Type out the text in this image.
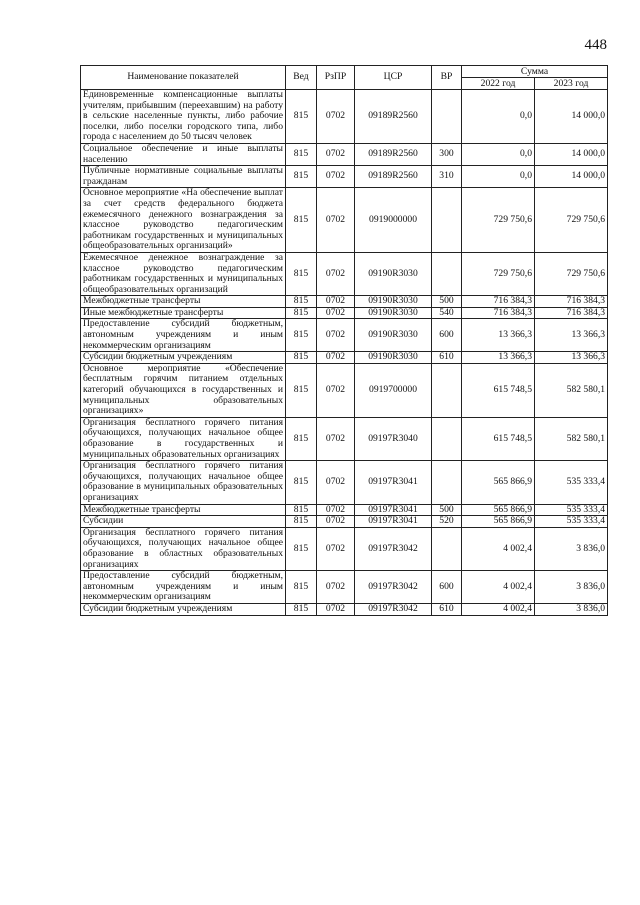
448
Наименование показателей	Вед	РзПР	ЦСР	ВР	Сумма	
					2022 год	2023 год
Единовременные компенсационные выплаты учителям, прибывшим (переехавшим) на работу в сельские населенные пункты, либо рабочие поселки, либо поселки городского типа, либо города с населением до 50 тысяч человек	815	0702	09189R2560		0,0	14 000,0
Социальное обеспечение и иные выплаты населению	815	0702	09189R2560	300	0,0	14 000,0
Публичные нормативные социальные выплаты гражданам	815	0702	09189R2560	310	0,0	14 000,0
Основное мероприятие «На обеспечение выплат за счет средств федерального бюджета ежемесячного денежного вознаграждения за классное руководство педагогическим работникам государственных и муниципальных общеобразовательных организаций»	815	0702	0919000000		729 750,6	729 750,6
Ежемесячное денежное вознаграждение за классное руководство педагогическим работникам государственных и муниципальных общеобразовательных организаций	815	0702	09190R3030		729 750,6	729 750,6
Межбюджетные трансферты	815	0702	09190R3030	500	716 384,3	716 384,3
Иные межбюджетные трансферты	815	0702	09190R3030	540	716 384,3	716 384,3
Предоставление субсидий бюджетным, автономным учреждениям и иным некоммерческим организациям	815	0702	09190R3030	600	13 366,3	13 366,3
Субсидии бюджетным учреждениям	815	0702	09190R3030	610	13 366,3	13 366,3
Основное мероприятие «Обеспечение бесплатным горячим питанием отдельных категорий обучающихся в государственных и муниципальных образовательных организациях»	815	0702	0919700000		615 748,5	582 580,1
Организация бесплатного горячего питания обучающихся, получающих начальное общее образование в государственных и муниципальных образовательных организациях	815	0702	09197R3040		615 748,5	582 580,1
Организация бесплатного горячего питания обучающихся, получающих начальное общее образование в муниципальных образовательных организациях	815	0702	09197R3041		565 866,9	535 333,4
Межбюджетные трансферты	815	0702	09197R3041	500	565 866,9	535 333,4
Субсидии	815	0702	09197R3041	520	565 866,9	535 333,4
Организация бесплатного горячего питания обучающихся, получающих начальное общее образование в областных образовательных организациях	815	0702	09197R3042		4 002,4	3 836,0
Предоставление субсидий бюджетным, автономным учреждениям и иным некоммерческим организациям	815	0702	09197R3042	600	4 002,4	3 836,0
Субсидии бюджетным учреждениям	815	0702	09197R3042	610	4 002,4	3 836,0
